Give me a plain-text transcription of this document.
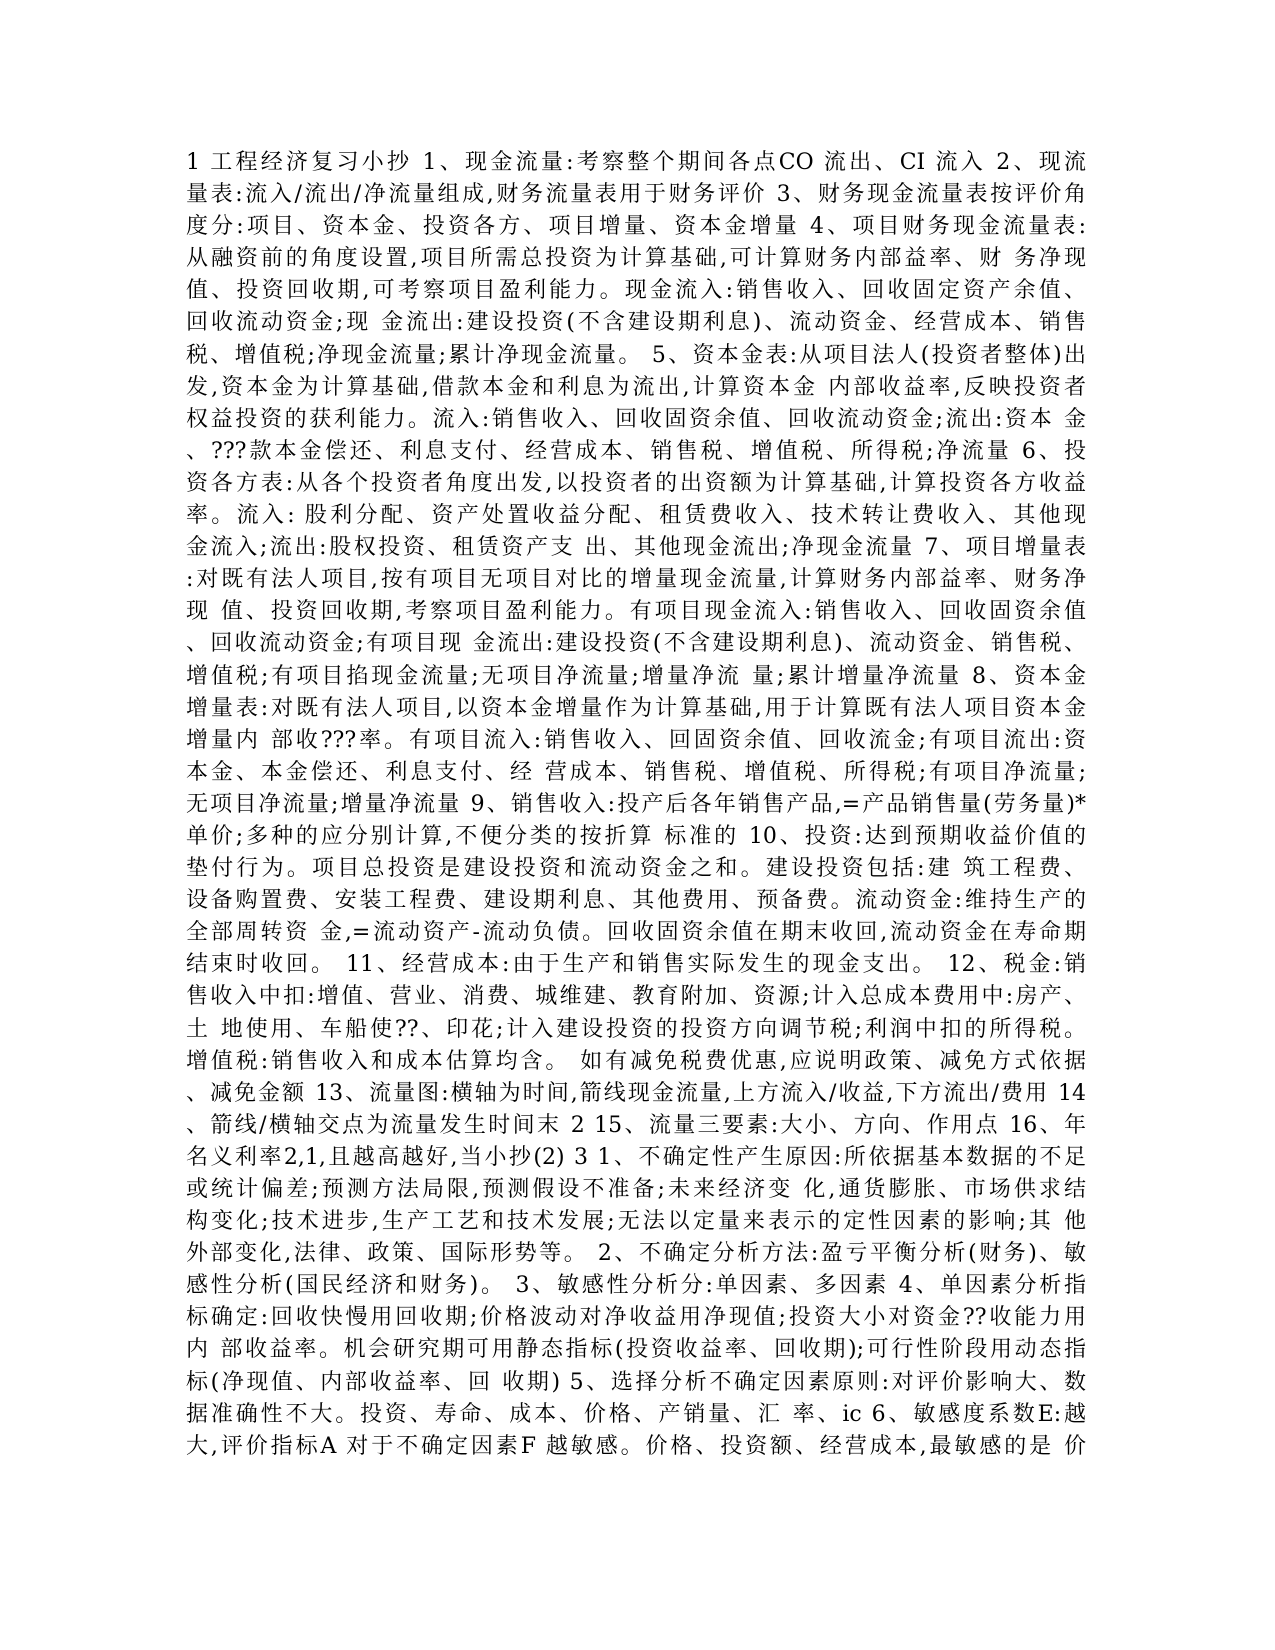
1 工程经济复习小抄 1、现金流量:考察整个期间各点CO 流出、CI 流入 2、现流
量表:流入/流出/净流量组成,财务流量表用于财务评价 3、财务现金流量表按评价角
度分:项目、资本金、投资各方、项目增量、资本金增量 4、项目财务现金流量表:
从融资前的角度设置,项目所需总投资为计算基础,可计算财务内部益率、财 务净现
值、投资回收期,可考察项目盈利能力。现金流入:销售收入、回收固定资产余值、
回收流动资金;现 金流出:建设投资(不含建设期利息)、流动资金、经营成本、销售
税、增值税;净现金流量;累计净现金流量。 5、资本金表:从项目法人(投资者整体)出
发,资本金为计算基础,借款本金和利息为流出,计算资本金 内部收益率,反映投资者
权益投资的获利能力。流入:销售收入、回收固资余值、回收流动资金;流出:资本 金
、???款本金偿还、利息支付、经营成本、销售税、增值税、所得税;净流量 6、投
资各方表:从各个投资者角度出发,以投资者的出资额为计算基础,计算投资各方收益
率。流入: 股利分配、资产处置收益分配、租赁费收入、技术转让费收入、其他现
金流入;流出:股权投资、租赁资产支 出、其他现金流出;净现金流量 7、项目增量表
:对既有法人项目,按有项目无项目对比的增量现金流量,计算财务内部益率、财务净
现 值、投资回收期,考察项目盈利能力。有项目现金流入:销售收入、回收固资余值
、回收流动资金;有项目现 金流出:建设投资(不含建设期利息)、流动资金、销售税、
增值税;有项目掐现金流量;无项目净流量;增量净流 量;累计增量净流量 8、资本金
增量表:对既有法人项目,以资本金增量作为计算基础,用于计算既有法人项目资本金
增量内 部收???率。有项目流入:销售收入、回固资余值、回收流金;有项目流出:资
本金、本金偿还、利息支付、经 营成本、销售税、增值税、所得税;有项目净流量;
无项目净流量;增量净流量 9、销售收入:投产后各年销售产品,=产品销售量(劳务量)*
单价;多种的应分别计算,不便分类的按折算 标准的 10、投资:达到预期收益价值的
垫付行为。项目总投资是建设投资和流动资金之和。建设投资包括:建 筑工程费、
设备购置费、安装工程费、建设期利息、其他费用、预备费。流动资金:维持生产的
全部周转资 金,=流动资产-流动负债。回收固资余值在期末收回,流动资金在寿命期
结束时收回。 11、经营成本:由于生产和销售实际发生的现金支出。 12、税金:销
售收入中扣:增值、营业、消费、城维建、教育附加、资源;计入总成本费用中:房产、
土 地使用、车船使??、印花;计入建设投资的投资方向调节税;利润中扣的所得税。
增值税:销售收入和成本估算均含。 如有减免税费优惠,应说明政策、减免方式依据
、减免金额 13、流量图:横轴为时间,箭线现金流量,上方流入/收益,下方流出/费用 14
、箭线/横轴交点为流量发生时间末 2 15、流量三要素:大小、方向、作用点 16、年
名义利率2,1,且越高越好,当小抄(2) 3 1、不确定性产生原因:所依据基本数据的不足
或统计偏差;预测方法局限,预测假设不准备;未来经济变 化,通货膨胀、市场供求结
构变化;技术进步,生产工艺和技术发展;无法以定量来表示的定性因素的影响;其 他
外部变化,法律、政策、国际形势等。 2、不确定分析方法:盈亏平衡分析(财务)、敏
感性分析(国民经济和财务)。 3、敏感性分析分:单因素、多因素 4、单因素分析指
标确定:回收快慢用回收期;价格波动对净收益用净现值;投资大小对资金??收能力用
内 部收益率。机会研究期可用静态指标(投资收益率、回收期);可行性阶段用动态指
标(净现值、内部收益率、回 收期) 5、选择分析不确定因素原则:对评价影响大、数
据准确性不大。投资、寿命、成本、价格、产销量、汇 率、ic 6、敏感度系数E:越
大,评价指标A 对于不确定因素F 越敏感。价格、投资额、经营成本,最敏感的是 价
